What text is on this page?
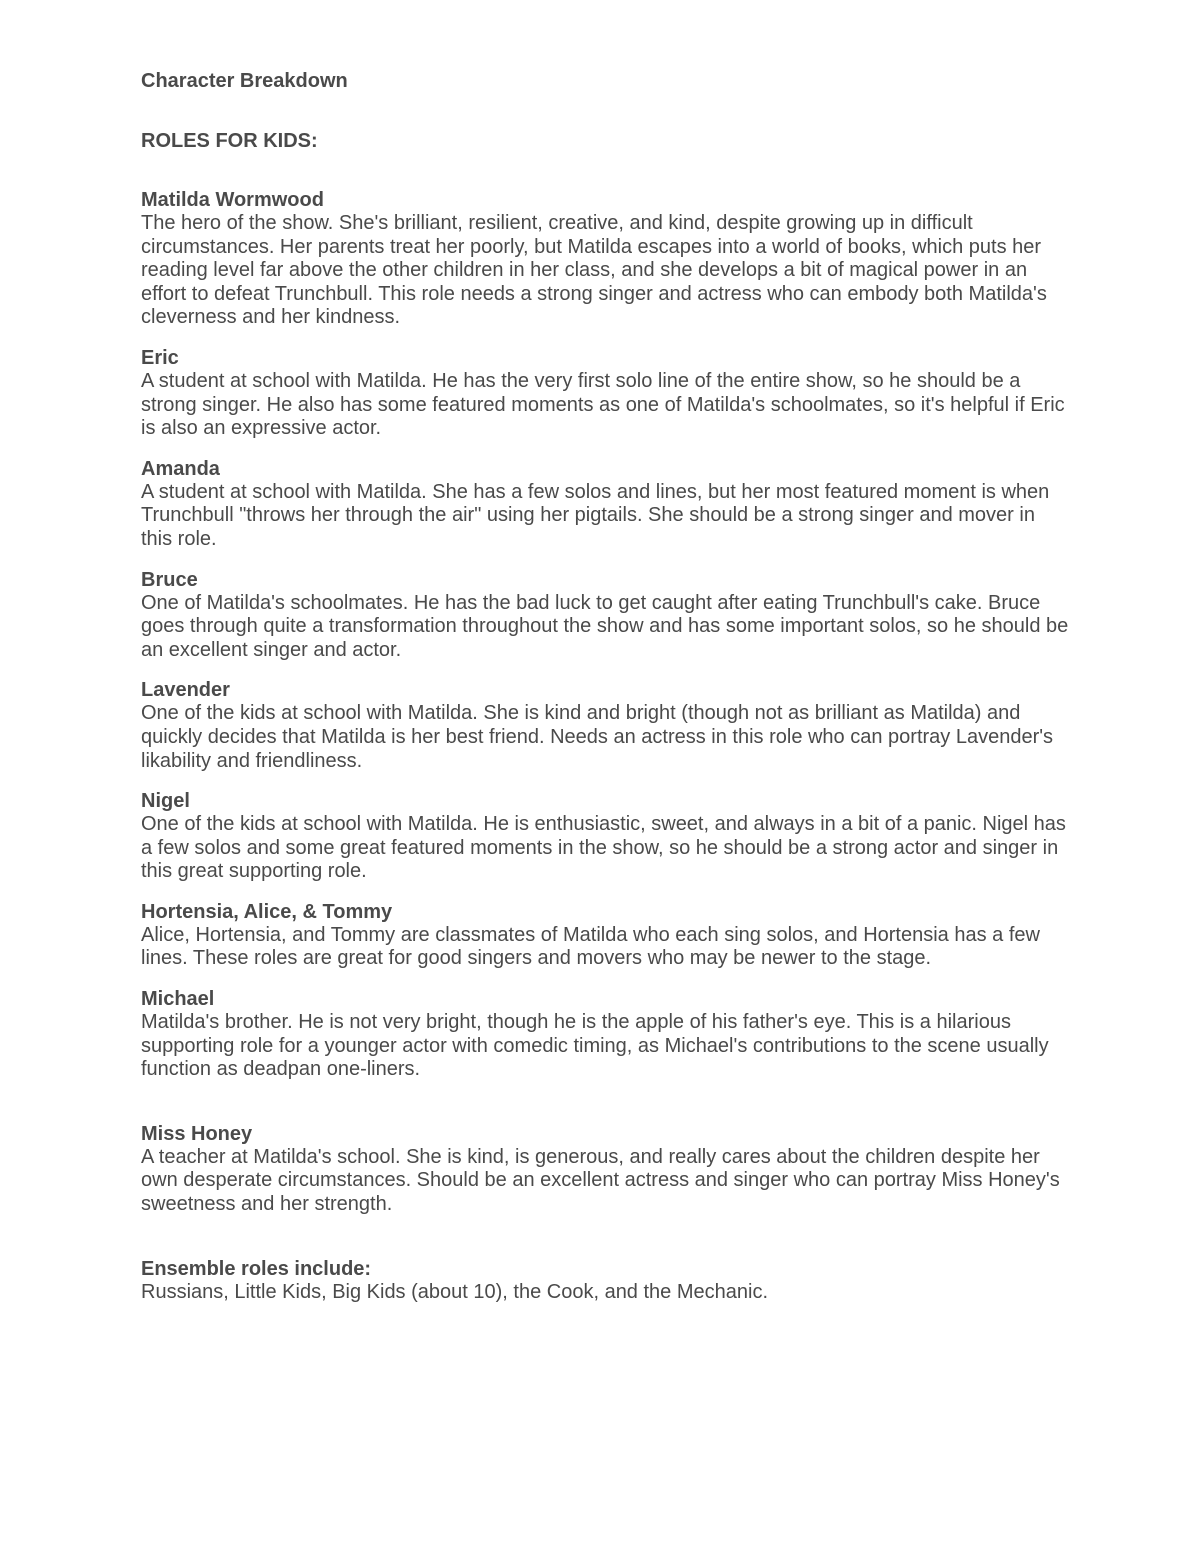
Character Breakdown
ROLES FOR KIDS:

Matilda Wormwood

The hero of the show. She's brilliant, resilient, creative, and kind, despite growing up in difficult circumstances. Her parents treat her poorly, but Matilda escapes into a world of books, which puts her reading level far above the other children in her class, and she develops a bit of magical power in an effort to defeat Trunchbull. This role needs a strong singer and actress who can embody both Matilda's cleverness and her kindness.

Eric

A student at school with Matilda. He has the very first solo line of the entire show, so he should be a strong singer. He also has some featured moments as one of Matilda's schoolmates, so it's helpful if Eric is also an expressive actor.

Amanda

A student at school with Matilda. She has a few solos and lines, but her most featured moment is when Trunchbull "throws her through the air" using her pigtails. She should be a strong singer and mover in this role.

Bruce

One of Matilda's schoolmates. He has the bad luck to get caught after eating Trunchbull's cake. Bruce goes through quite a transformation throughout the show and has some important solos, so he should be an excellent singer and actor.

Lavender

One of the kids at school with Matilda. She is kind and bright (though not as brilliant as Matilda) and quickly decides that Matilda is her best friend. Needs an actress in this role who can portray Lavender's likability and friendliness.

Nigel

One of the kids at school with Matilda. He is enthusiastic, sweet, and always in a bit of a panic. Nigel has a few solos and some great featured moments in the show, so he should be a strong actor and singer in this great supporting role.

Hortensia, Alice, & Tommy

Alice, Hortensia, and Tommy are classmates of Matilda who each sing solos, and Hortensia has a few lines. These roles are great for good singers and movers who may be newer to the stage.

Michael

Matilda's brother. He is not very bright, though he is the apple of his father's eye. This is a hilarious supporting role for a younger actor with comedic timing, as Michael's contributions to the scene usually function as deadpan one-liners.

Miss Honey

A teacher at Matilda's school. She is kind, is generous, and really cares about the children despite her own desperate circumstances. Should be an excellent actress and singer who can portray Miss Honey's sweetness and her strength.

Ensemble roles include:

Russians, Little Kids, Big Kids (about 10), the Cook, and the Mechanic.
